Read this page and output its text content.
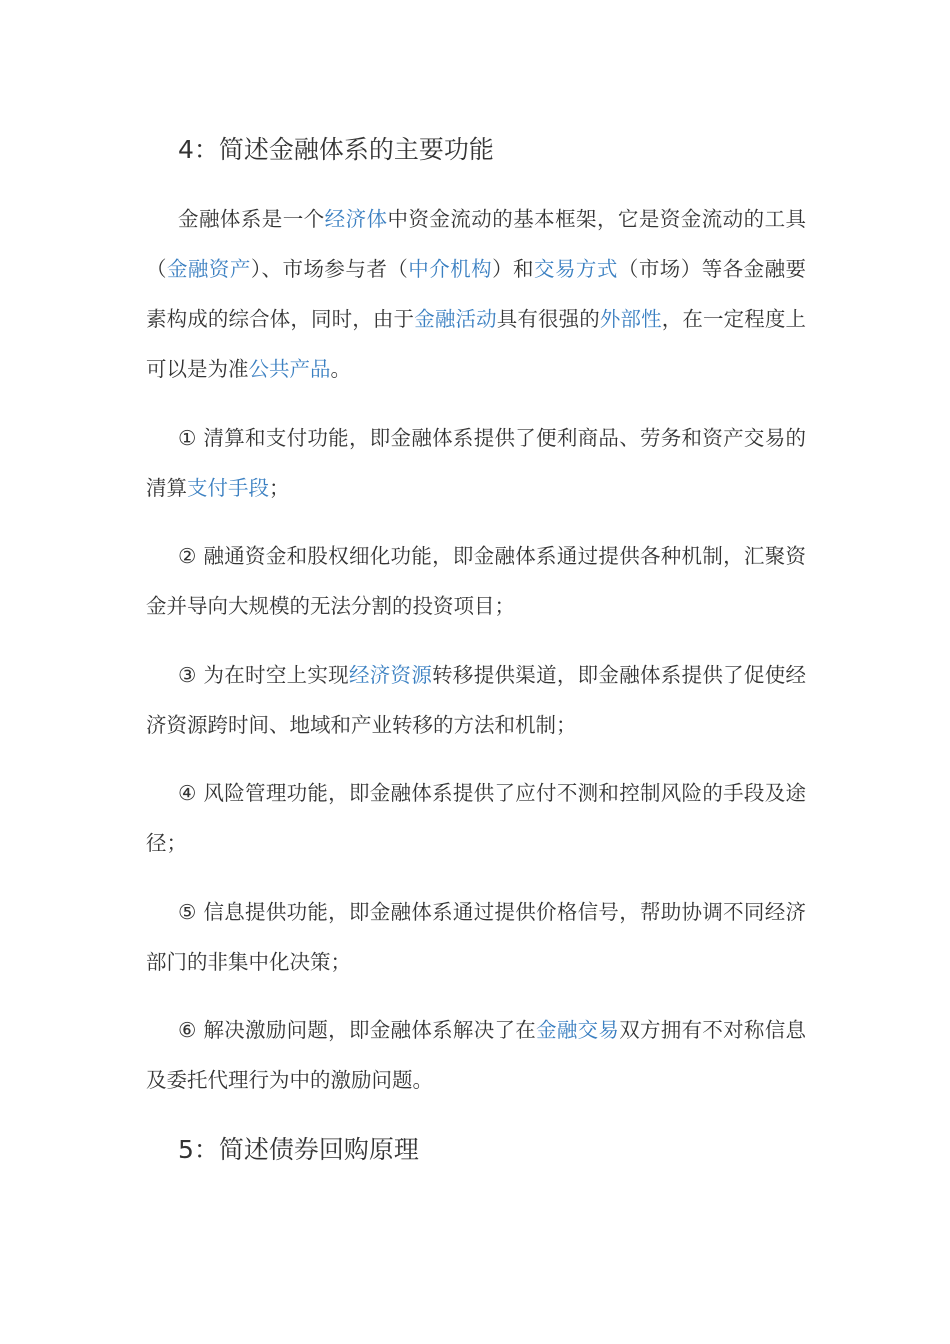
4：简述金融体系的主要功能

金融体系是一个经济体中资金流动的基本框架，它是资金流动的工具（金融资产）、市场参与者（中介机构）和交易方式（市场）等各金融要素构成的综合体，同时，由于金融活动具有很强的外部性，在一定程度上可以是为准公共产品。

① 清算和支付功能，即金融体系提供了便利商品、劳务和资产交易的清算支付手段；

② 融通资金和股权细化功能，即金融体系通过提供各种机制，汇聚资金并导向大规模的无法分割的投资项目；

③ 为在时空上实现经济资源转移提供渠道，即金融体系提供了促使经济资源跨时间、地域和产业转移的方法和机制；

④ 风险管理功能，即金融体系提供了应付不测和控制风险的手段及途径；

⑤ 信息提供功能，即金融体系通过提供价格信号，帮助协调不同经济部门的非集中化决策；

⑥ 解决激励问题，即金融体系解决了在金融交易双方拥有不对称信息及委托代理行为中的激励问题。

5：简述债券回购原理
